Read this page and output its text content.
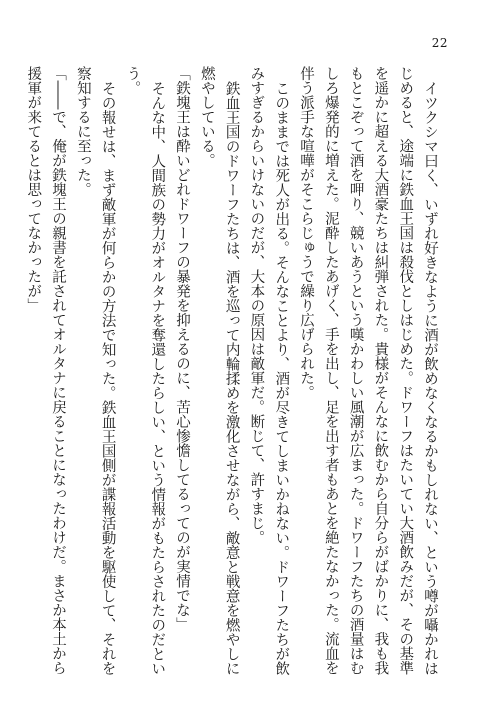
22

イツクシマ曰く、いずれ好きなように酒が飲めなくなるかもしれない、という噂が囁かれはじめると、途端に鉄血王国は殺伐としはじめた。ドワーフはたいてい大酒飲みだが、その基準を遥かに超える大酒豪たちは糾弾された。貴様がそんなに飲むから自分らがばかりに、我も我もとこぞって酒を呷り、競いあうという嘆かわしい風潮が広まった。ドワーフたちの酒量はむしろ爆発的に増えた。泥酔したあげく、手を出し、足を出す者もあとを絶たなかった。流血を伴う派手な喧嘩がそこらじゅうで繰り広げられた。

このままでは死人が出る。そんなことより、酒が尽きてしまいかねない。ドワーフたちが飲みすぎるからいけないのだが、大本の原因は敵軍だ。断じて、許すまじ。

鉄血王国のドワーフたちは、酒を巡って内輪揉めを激化させながら、敵意と戦意を燃やしに燃やしている。

「鉄塊王は酔いどれドワーフの暴発を抑えるのに、苦心惨憺してるってのが実情でな」

そんな中、人間族の勢力がオルタナを奪還したらしい、という情報がもたらされたのだという。

その報せは、まず敵軍が何らかの方法で知った。鉄血王国側が諜報活動を駆使して、それを察知するに至った。

「――で、俺が鉄塊王の親書を託されてオルタナに戻ることになったわけだ。まさか本土から援軍が来てるとは思ってなかったが」
